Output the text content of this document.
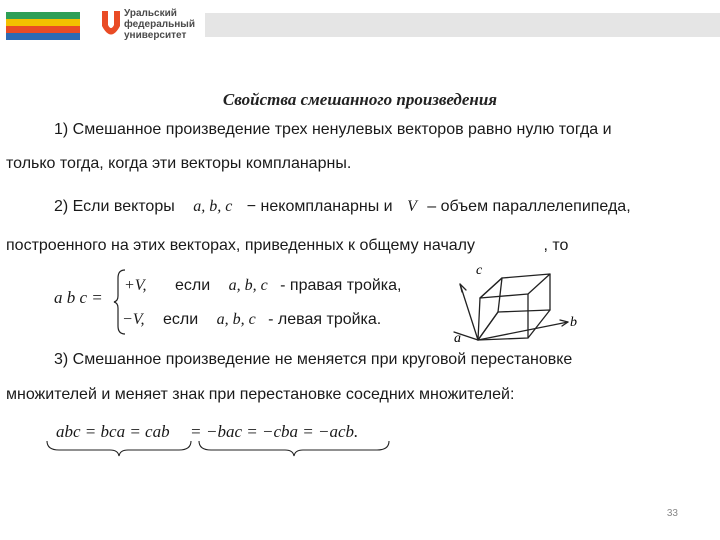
Уральский
федеральный
университет
Свойства смешанного произведения
1) Смешанное произведение трех ненулевых векторов равно нулю тогда и
только тогда, когда эти векторы компланарны.
2) Если векторы a, b, c − некомпланарны и V – объем параллелепипеда,
построенного на этих векторах, приведенных к общему началу	, то
a b c =
+V, если a, b, c - правая тройка,
−V, если a, b, c - левая тройка.
c
b
a
3) Смешанное произведение не меняется при круговой перестановке
множителей и меняет знак при перестановке соседних множителей:
abc = bca = cab = −bac = −cba = −acb.
33
